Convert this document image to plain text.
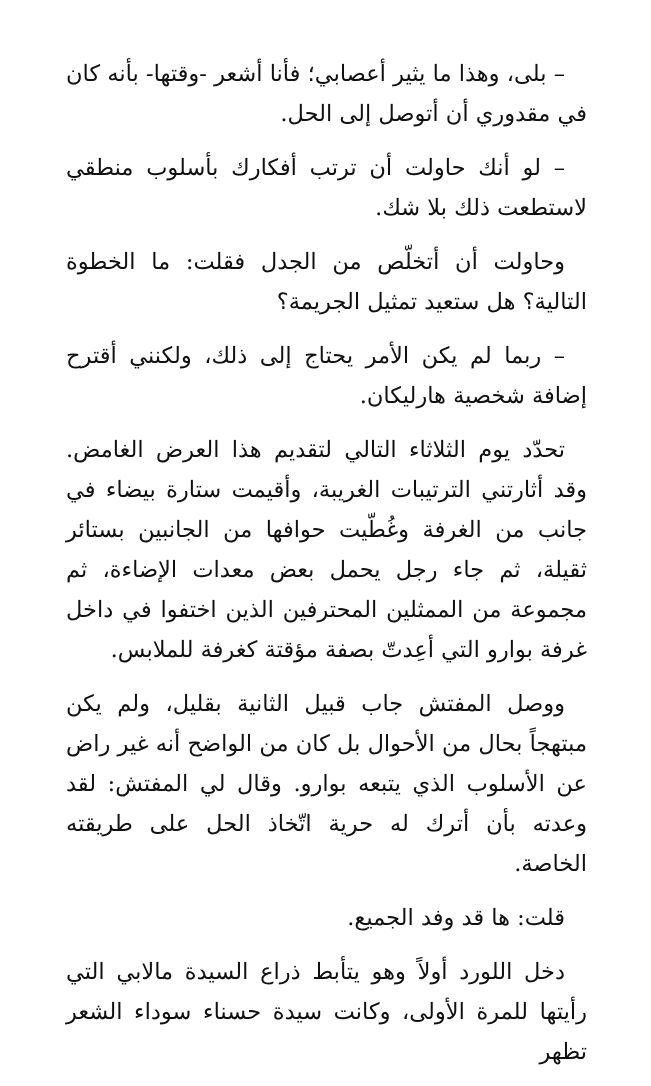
– بلى، وهذا ما يثير أعصابي؛ فأنا أشعر -وقتها- بأنه كان في مقدوري أن أتوصل إلى الحل.

– لو أنك حاولت أن ترتب أفكارك بأسلوب منطقي لاستطعت ذلك بلا شك.

وحاولت أن أتخلّص من الجدل فقلت: ما الخطوة التالية؟ هل ستعيد تمثيل الجريمة؟

– ربما لم يكن الأمر يحتاج إلى ذلك، ولكنني أقترح إضافة شخصية هارليكان.

تحدّد يوم الثلاثاء التالي لتقديم هذا العرض الغامض. وقد أثارتني الترتيبات الغريبة، وأقيمت ستارة بيضاء في جانب من الغرفة وغُطّيت حوافها من الجانبين بستائر ثقيلة، ثم جاء رجل يحمل بعض معدات الإضاءة، ثم مجموعة من الممثلين المحترفين الذين اختفوا في داخل غرفة بوارو التي أعِدتّ بصفة مؤقتة كغرفة للملابس.

ووصل المفتش جاب قبيل الثانية بقليل، ولم يكن مبتهجاً بحال من الأحوال بل كان من الواضح أنه غير راض عن الأسلوب الذي يتبعه بوارو. وقال لي المفتش: لقد وعدته بأن أترك له حرية اتّخاذ الحل على طريقته الخاصة.

قلت: ها قد وفد الجميع.

دخل اللورد أولاً وهو يتأبط ذراع السيدة مالابي التي رأيتها للمرة الأولى، وكانت سيدة حسناء سوداء الشعر تظهر
